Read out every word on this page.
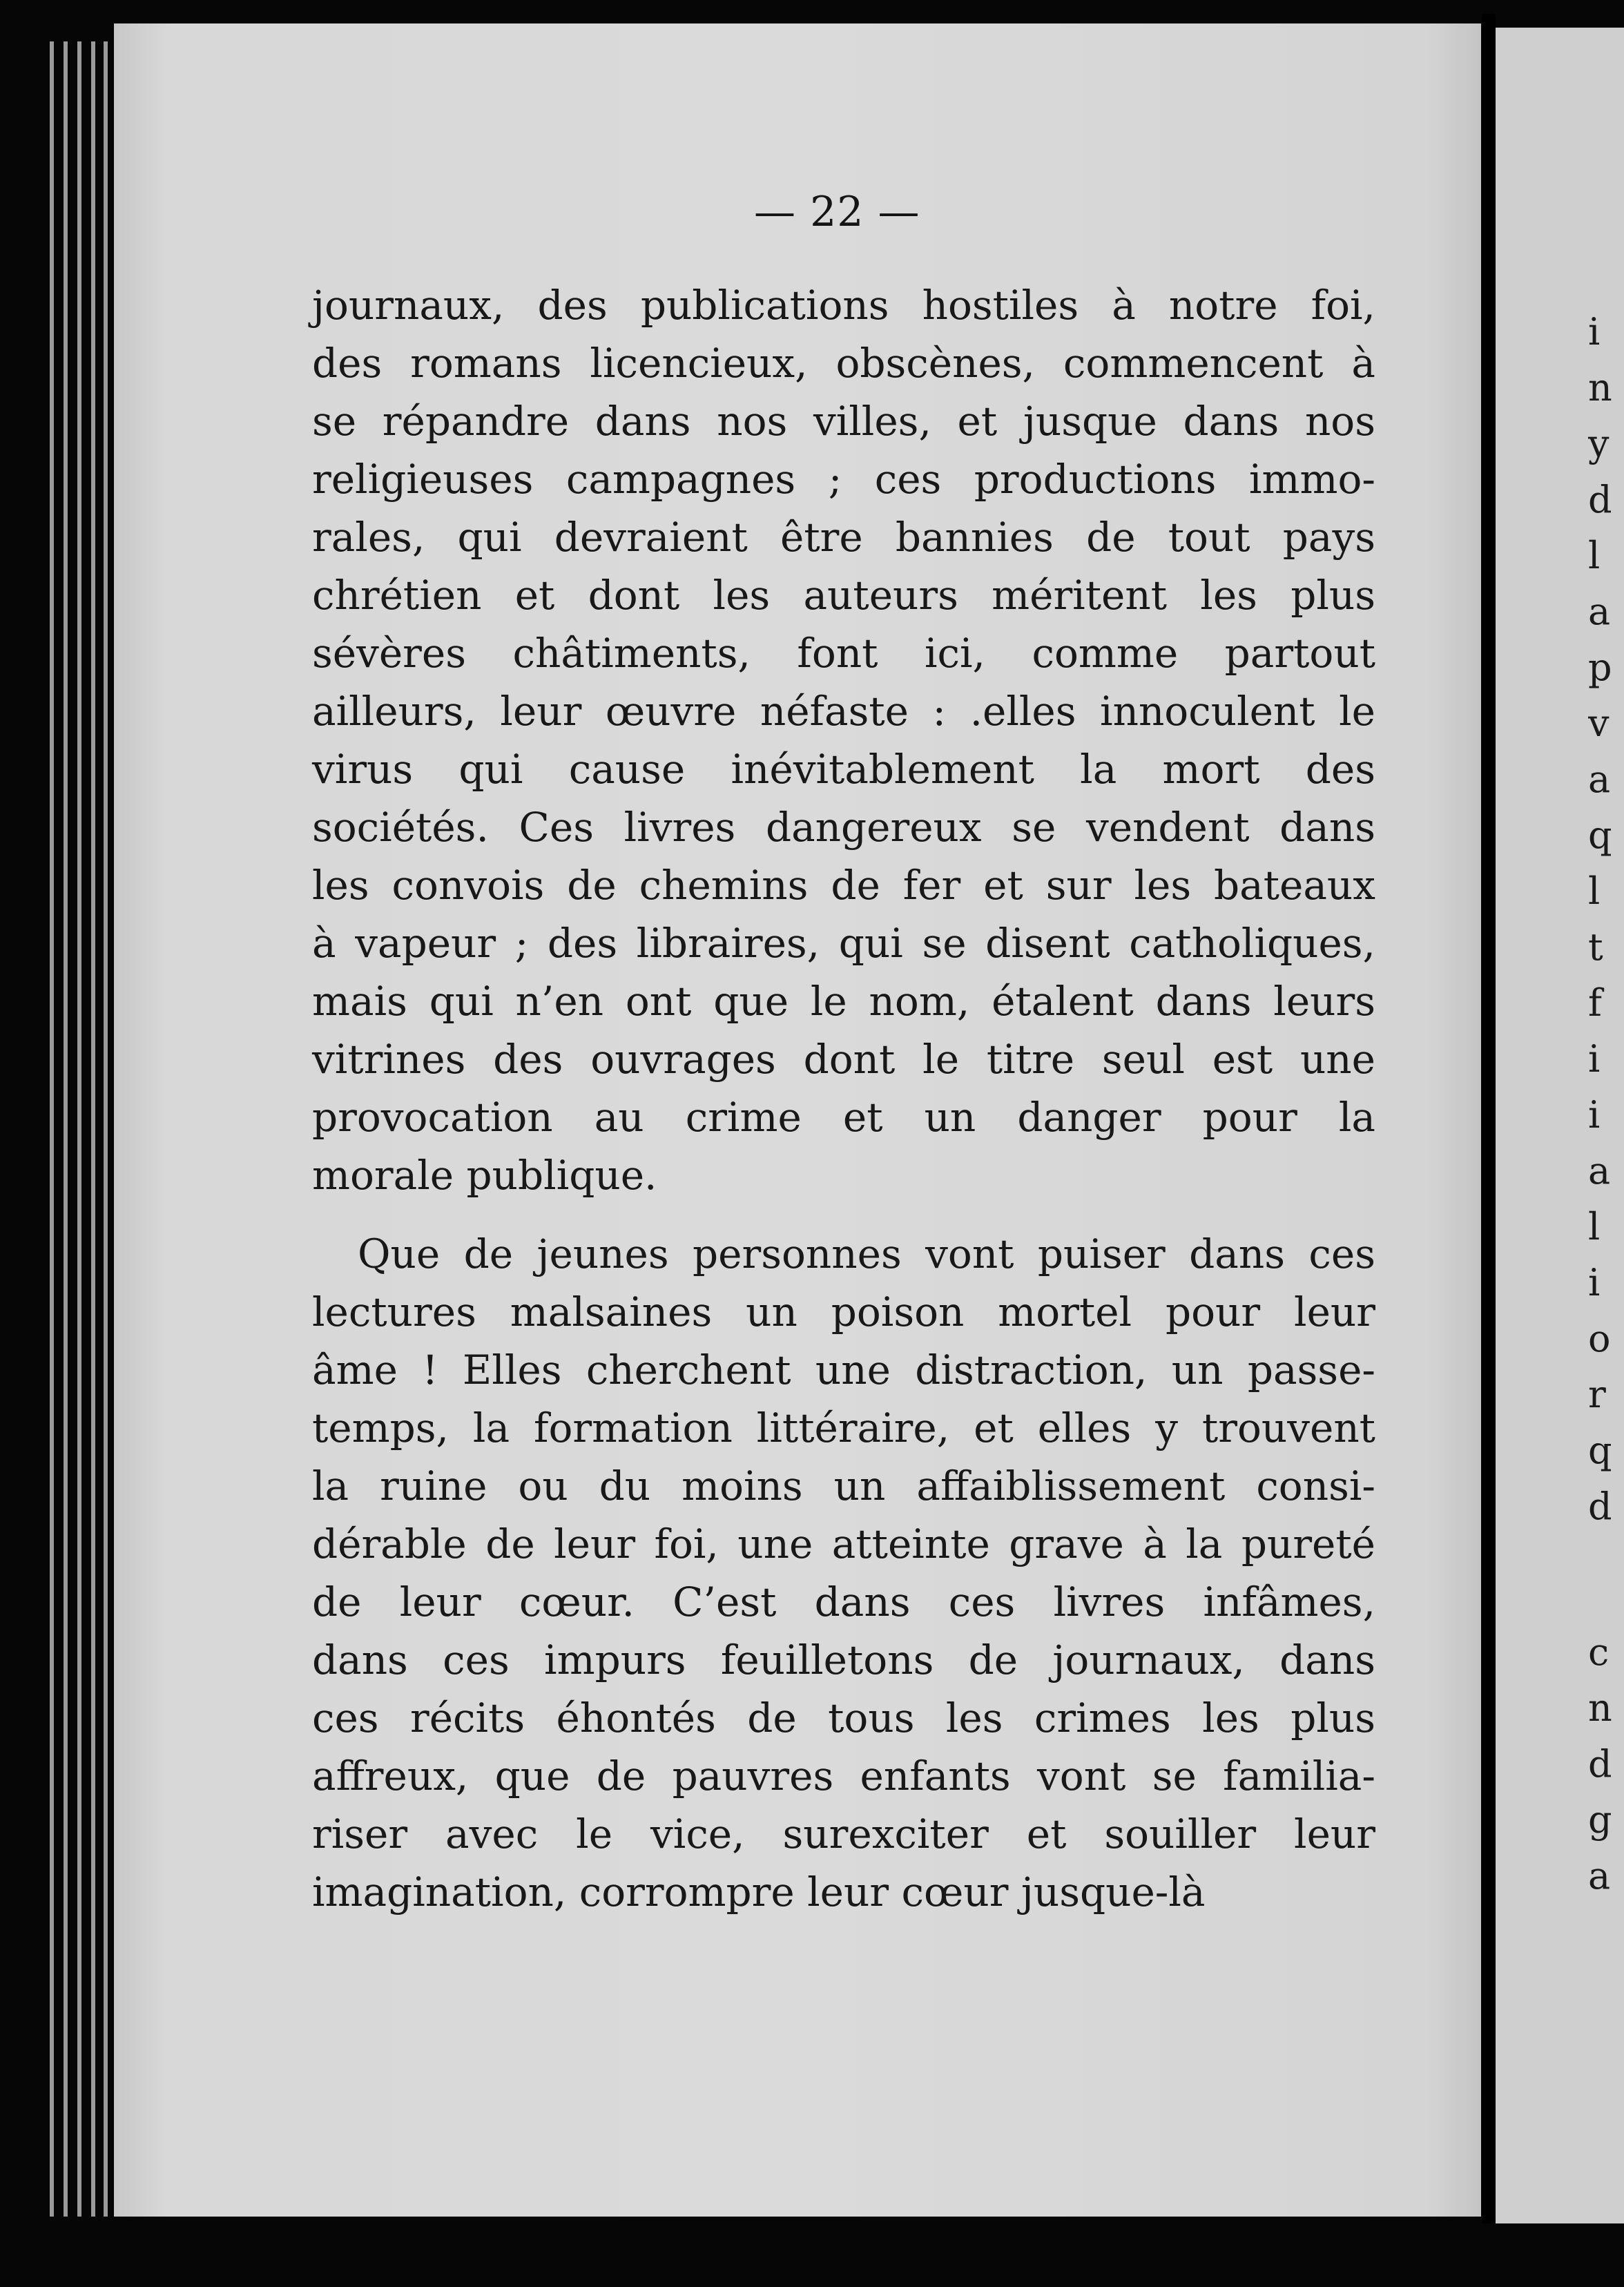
i
n
y
d
l
a
p
v
a
q
l
t
f
i
i
a
l
i
o
r
q
d
c
n
d
g
a
— 22 —
journaux, des publications hostiles à notre foi,
des romans licencieux, obscènes, commencent à
se répandre dans nos villes, et jusque dans nos
religieuses campagnes ; ces productions immo-
rales, qui devraient être bannies de tout pays
chrétien et dont les auteurs méritent les plus
sévères châtiments, font ici, comme partout
ailleurs, leur œuvre néfaste : .elles innoculent le
virus qui cause inévitablement la mort des
sociétés. Ces livres dangereux se vendent dans
les convois de chemins de fer et sur les bateaux
à vapeur ; des libraires, qui se disent catholiques,
mais qui n’en ont que le nom, étalent dans leurs
vitrines des ouvrages dont le titre seul est une
provocation au crime et un danger pour la
morale publique.
Que de jeunes personnes vont puiser dans ces
lectures malsaines un poison mortel pour leur
âme ! Elles cherchent une distraction, un passe-
temps, la formation littéraire, et elles y trouvent
la ruine ou du moins un affaiblissement consi-
dérable de leur foi, une atteinte grave à la pureté
de leur cœur. C’est dans ces livres infâmes,
dans ces impurs feuilletons de journaux, dans
ces récits éhontés de tous les crimes les plus
affreux, que de pauvres enfants vont se familia-
riser avec le vice, surexciter et souiller leur
imagination, corrompre leur cœur jusque-là
